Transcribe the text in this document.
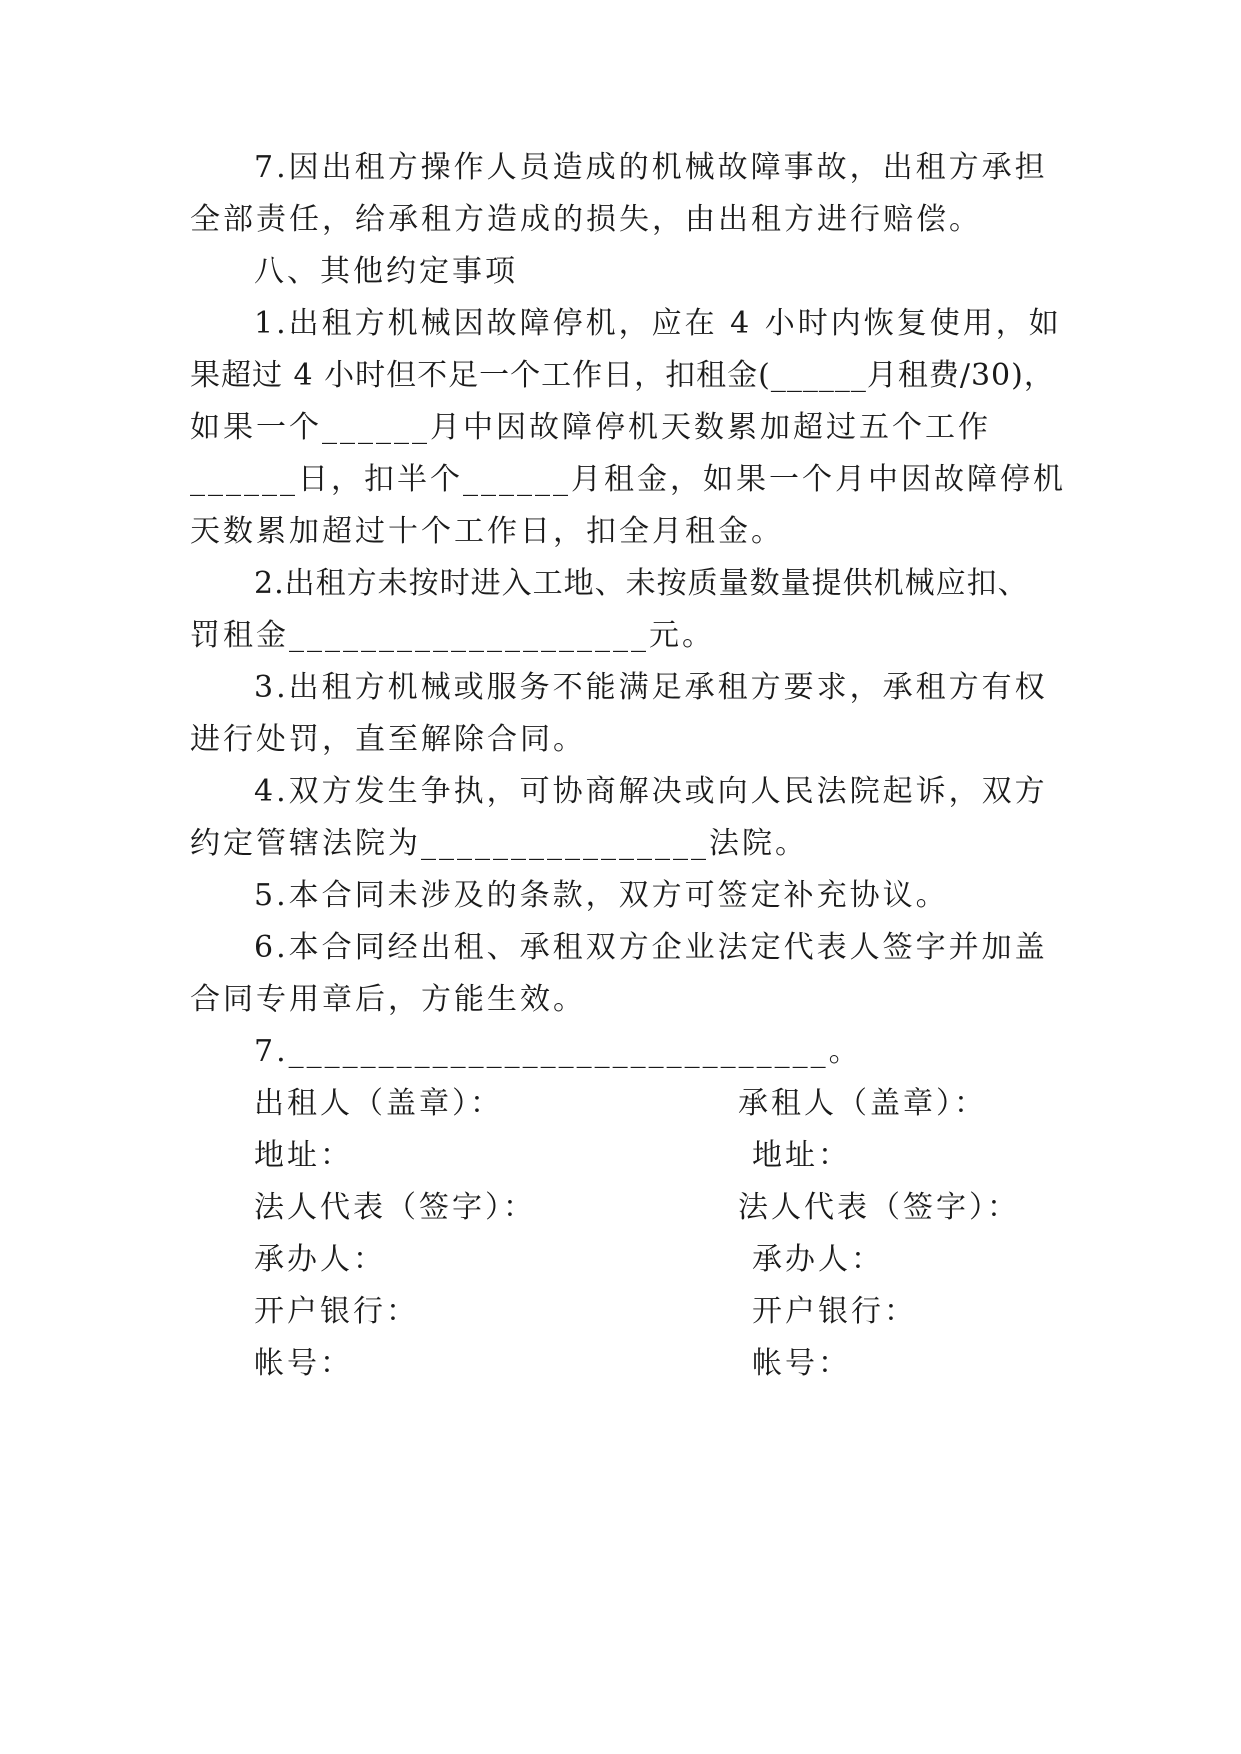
7.因出租方操作人员造成的机械故障事故，出租方承担
全部责任，给承租方造成的损失，由出租方进行赔偿。
八、其他约定事项
1.出租方机械因故障停机，应在 4 小时内恢复使用，如
果超过 4 小时但不足一个工作日，扣租金(______月租费/30)，
如果一个______月中因故障停机天数累加超过五个工作
______日，扣半个______月租金，如果一个月中因故障停机
天数累加超过十个工作日，扣全月租金。
2.出租方未按时进入工地、未按质量数量提供机械应扣、
罚租金____________________元。
3.出租方机械或服务不能满足承租方要求，承租方有权
进行处罚，直至解除合同。
4.双方发生争执，可协商解决或向人民法院起诉，双方
约定管辖法院为________________法院。
5.本合同未涉及的条款，双方可签定补充协议。
6.本合同经出租、承租双方企业法定代表人签字并加盖
合同专用章后，方能生效。
7.______________________________。
出租人（盖章）：
地址：
法人代表（签字）：
承办人：
开户银行：
帐号：
承租人（盖章）：
地址：
法人代表（签字）：
承办人：
开户银行：
帐号：
